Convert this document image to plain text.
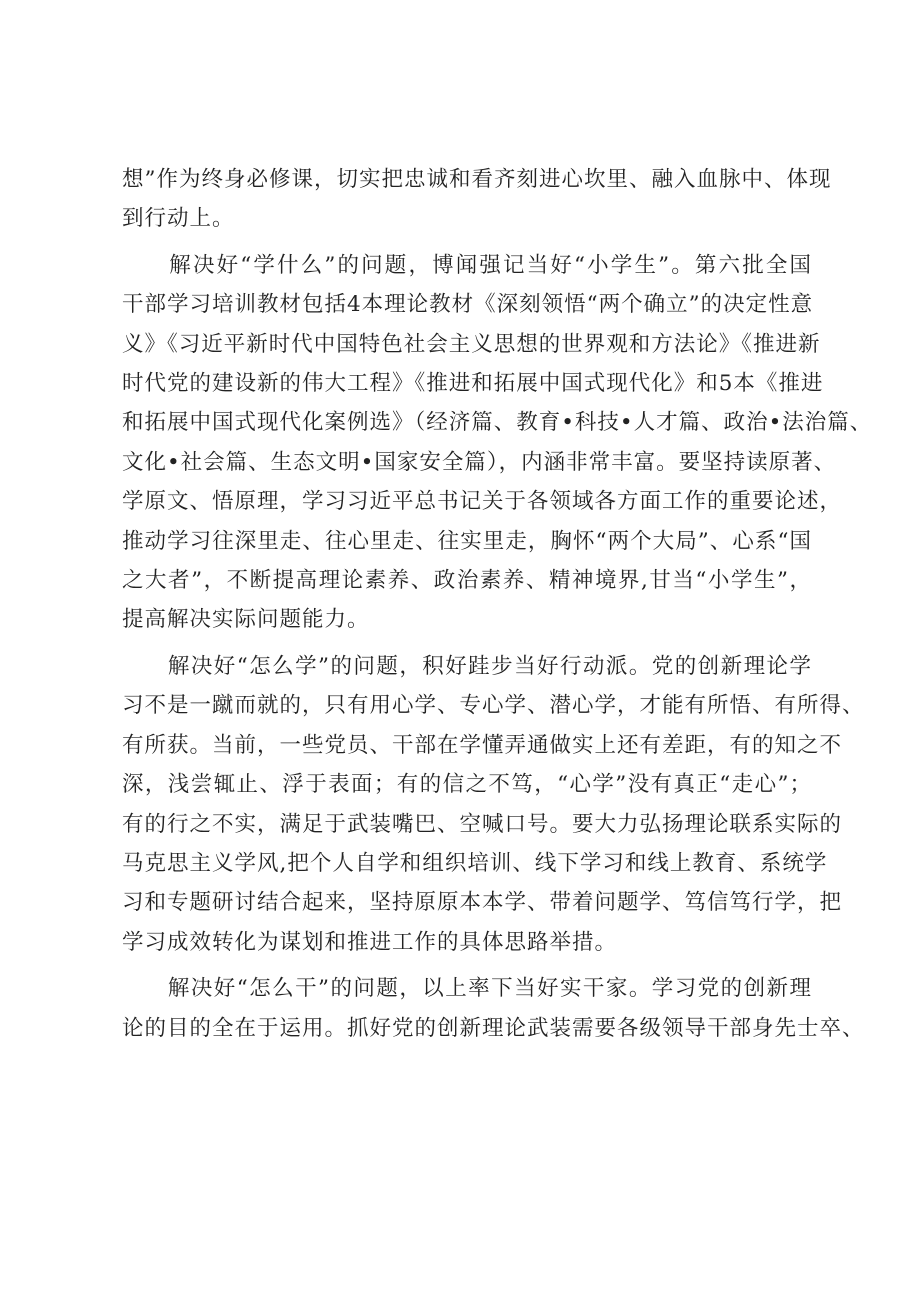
想”作为终身必修课，切实把忠诚和看齐刻进心坎里、融入血脉中、体现
到行动上。
　　解决好“学什么”的问题，博闻强记当好“小学生”。第六批全国
干部学习培训教材包括4本理论教材《深刻领悟“两个确立”的决定性意
义》《习近平新时代中国特色社会主义思想的世界观和方法论》《推进新
时代党的建设新的伟大工程》《推进和拓展中国式现代化》和5本《推进
和拓展中国式现代化案例选》（经济篇、教育•科技•人才篇、政治•法治篇、
文化•社会篇、生态文明•国家安全篇），内涵非常丰富。要坚持读原著、
学原文、悟原理，学习习近平总书记关于各领域各方面工作的重要论述，
推动学习往深里走、往心里走、往实里走，胸怀“两个大局”、心系“国
之大者”，不断提高理论素养、政治素养、精神境界,甘当“小学生”，
提高解决实际问题能力。
　　解决好“怎么学”的问题，积好跬步当好行动派。党的创新理论学
习不是一蹴而就的，只有用心学、专心学、潜心学，才能有所悟、有所得、
有所获。当前，一些党员、干部在学懂弄通做实上还有差距，有的知之不
深，浅尝辄止、浮于表面；有的信之不笃，“心学”没有真正“走心”；
有的行之不实，满足于武装嘴巴、空喊口号。要大力弘扬理论联系实际的
马克思主义学风,把个人自学和组织培训、线下学习和线上教育、系统学
习和专题研讨结合起来，坚持原原本本学、带着问题学、笃信笃行学，把
学习成效转化为谋划和推进工作的具体思路举措。
　　解决好“怎么干”的问题，以上率下当好实干家。学习党的创新理
论的目的全在于运用。抓好党的创新理论武装需要各级领导干部身先士卒、
